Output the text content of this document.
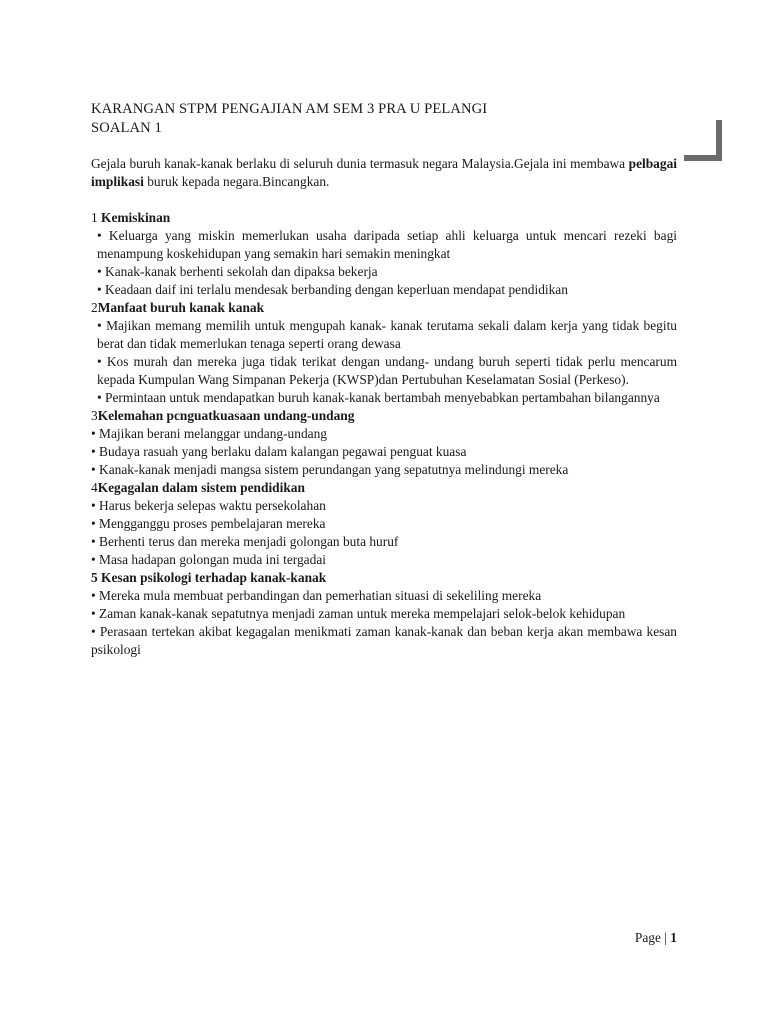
KARANGAN STPM PENGAJIAN AM SEM 3 PRA U PELANGI

SOALAN 1

Gejala buruh kanak-kanak berlaku di seluruh dunia termasuk negara Malaysia.Gejala ini membawa pelbagai implikasi buruk kepada negara.Bincangkan.

1 Kemiskinan

• Keluarga yang miskin memerlukan usaha daripada setiap ahli keluarga untuk mencari rezeki bagi menampung koskehidupan yang semakin hari semakin meningkat

• Kanak-kanak berhenti sekolah dan dipaksa bekerja

• Keadaan daif ini terlalu mendesak berbanding dengan keperluan mendapat pendidikan

2Manfaat buruh kanak kanak

• Majikan memang memilih untuk mengupah kanak- kanak terutama sekali dalam kerja yang tidak begitu berat dan tidak memerlukan tenaga seperti orang dewasa

• Kos murah dan mereka juga tidak terikat dengan undang- undang buruh seperti tidak perlu mencarum kepada Kumpulan Wang Simpanan Pekerja (KWSP)dan Pertubuhan Keselamatan Sosial (Perkeso).

• Permintaan untuk mendapatkan buruh kanak-kanak bertambah menyebabkan pertambahan bilangannya

3Kelemahan pcnguatkuasaan undang-undang

• Majikan berani melanggar undang-undang

• Budaya rasuah yang berlaku dalam kalangan pegawai penguat kuasa

• Kanak-kanak menjadi mangsa sistem perundangan yang sepatutnya melindungi mereka

4Kegagalan dalam sistem pendidikan

• Harus bekerja selepas waktu persekolahan

• Mengganggu proses pembelajaran mereka

• Berhenti terus dan mereka menjadi golongan buta huruf

• Masa hadapan golongan muda ini tergadai

5 Kesan psikologi terhadap kanak-kanak

• Mereka mula membuat perbandingan dan pemerhatian situasi di sekeliling mereka

• Zaman kanak-kanak sepatutnya menjadi zaman untuk mereka mempelajari selok-belok kehidupan

• Perasaan tertekan akibat kegagalan menikmati zaman kanak-kanak dan beban kerja akan membawa kesan psikologi

Page | 1
